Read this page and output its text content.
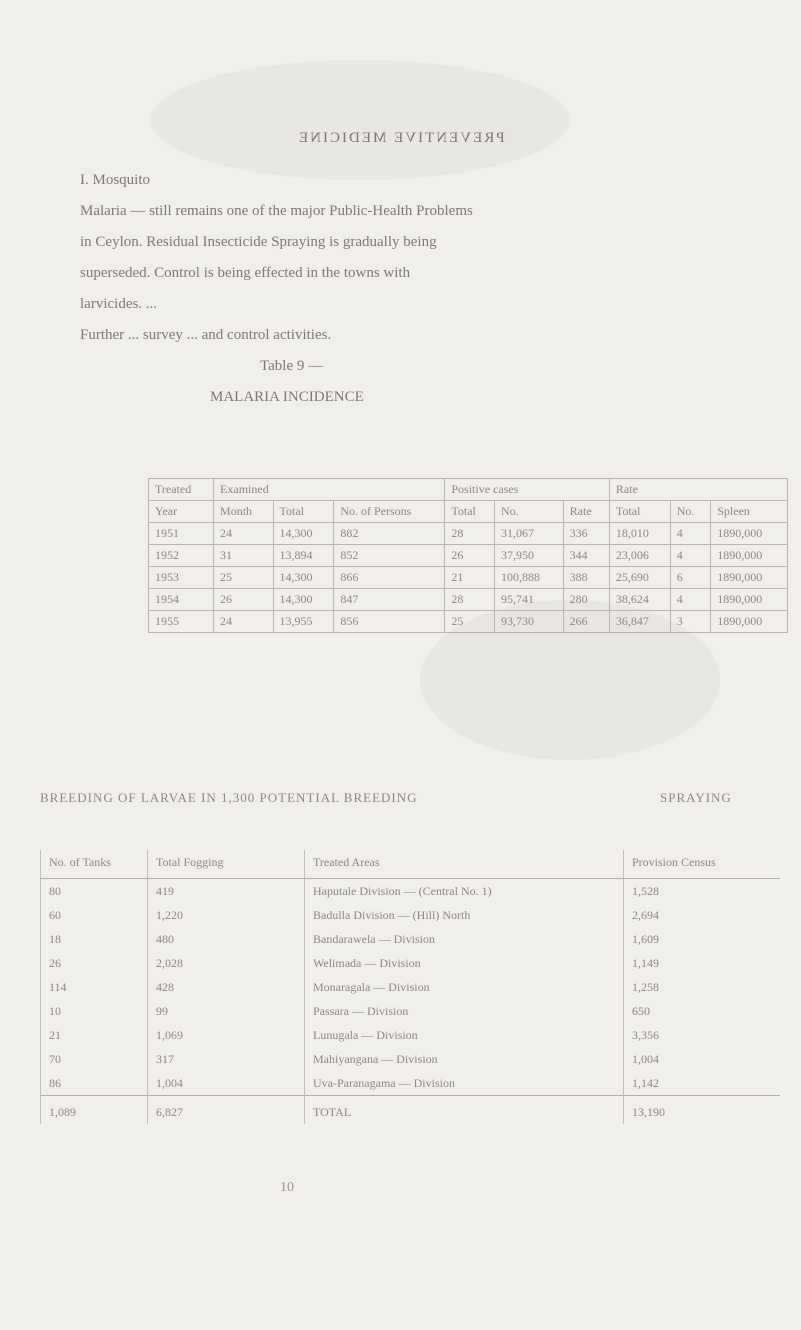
PREVENTIVE MEDICINE
I. Mosquito
Malaria — still remains one of the major Public-Health Problems
in Ceylon. Residual Insecticide Spraying is gradually being
superseded. Control is being effected in the towns with
larvicides. ...
Further ... survey ... and control activities.
Table 9 —
MALARIA INCIDENCE
Treated	Examined			Positive cases			Rate		
Year	Month	Total	No. of Persons	Total	No.	Rate	Total	No.	Spleen
1951	24	14,300	882	28	31,067	336	18,010	4	1890,000
1952	31	13,894	852	26	37,950	344	23,006	4	1890,000
1953	25	14,300	866	21	100,888	388	25,690	6	1890,000
1954	26	14,300	847	28	95,741	280	38,624	4	1890,000
1955	24	13,955	856	25	93,730	266	36,847	3	1890,000
BREEDING OF LARVAE IN 1,300 POTENTIAL BREEDING	SPRAYING
No. of Tanks	Total Fogging	Treated Areas	Provision Census
80	419	Haputale Division — (Central No. 1)	1,528
60	1,220	Badulla Division — (Hill) North	2,694
18	480	Bandarawela — Division	1,609
26	2,028	Welimada — Division	1,149
114	428	Monaragala — Division	1,258
10	99	Passara — Division	650
21	1,069	Lunugala — Division	3,356
70	317	Mahiyangana — Division	1,004
86	1,004	Uva-Paranagama — Division	1,142
1,089	6,827	TOTAL	13,190
10
